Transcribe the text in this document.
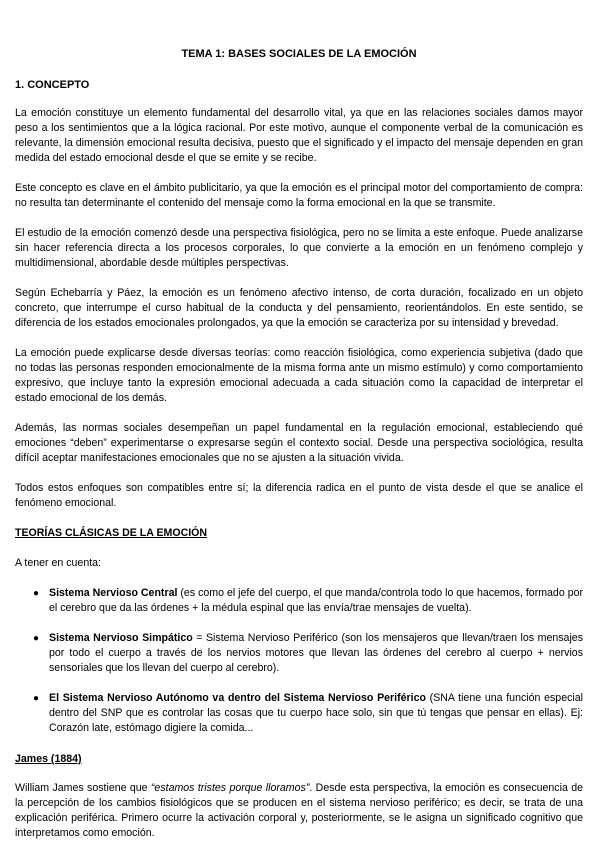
TEMA 1: BASES SOCIALES DE LA EMOCIÓN
1. CONCEPTO

La emoción constituye un elemento fundamental del desarrollo vital, ya que en las relaciones sociales damos mayor peso a los sentimientos que a la lógica racional. Por este motivo, aunque el componente verbal de la comunicación es relevante, la dimensión emocional resulta decisiva, puesto que el significado y el impacto del mensaje dependen en gran medida del estado emocional desde el que se emite y se recibe.

Este concepto es clave en el ámbito publicitario, ya que la emoción es el principal motor del comportamiento de compra: no resulta tan determinante el contenido del mensaje como la forma emocional en la que se transmite.

El estudio de la emoción comenzó desde una perspectiva fisiológica, pero no se limita a este enfoque. Puede analizarse sin hacer referencia directa a los procesos corporales, lo que convierte a la emoción en un fenómeno complejo y multidimensional, abordable desde múltiples perspectivas.

Según Echebarría y Páez, la emoción es un fenómeno afectivo intenso, de corta duración, focalizado en un objeto concreto, que interrumpe el curso habitual de la conducta y del pensamiento, reorientándolos. En este sentido, se diferencia de los estados emocionales prolongados, ya que la emoción se caracteriza por su intensidad y brevedad.

La emoción puede explicarse desde diversas teorías: como reacción fisiológica, como experiencia subjetiva (dado que no todas las personas responden emocionalmente de la misma forma ante un mismo estímulo) y como comportamiento expresivo, que incluye tanto la expresión emocional adecuada a cada situación como la capacidad de interpretar el estado emocional de los demás.

Además, las normas sociales desempeñan un papel fundamental en la regulación emocional, estableciendo qué emociones “deben” experimentarse o expresarse según el contexto social. Desde una perspectiva sociológica, resulta difícil aceptar manifestaciones emocionales que no se ajusten a la situación vivida.

Todos estos enfoques son compatibles entre sí; la diferencia radica en el punto de vista desde el que se analice el fenómeno emocional.

TEORÍAS CLÁSICAS DE LA EMOCIÓN

A tener en cuenta:

● Sistema Nervioso Central (es como el jefe del cuerpo, el que manda/controla todo lo que hacemos, formado por el cerebro que da las órdenes + la médula espinal que las envía/trae mensajes de vuelta).
● Sistema Nervioso Simpático = Sistema Nervioso Periférico (son los mensajeros que llevan/traen los mensajes por todo el cuerpo a través de los nervios motores que llevan las órdenes del cerebro al cuerpo + nervios sensoriales que los llevan del cuerpo al cerebro).
● El Sistema Nervioso Autónomo va dentro del Sistema Nervioso Periférico (SNA tiene una función especial dentro del SNP que es controlar las cosas que tu cuerpo hace solo, sin que tú tengas que pensar en ellas). Ej: Corazón late, estómago digiere la comida...
James (1884)

William James sostiene que “estamos tristes porque lloramos”. Desde esta perspectiva, la emoción es consecuencia de la percepción de los cambios fisiológicos que se producen en el sistema nervioso periférico; es decir, se trata de una explicación periférica. Primero ocurre la activación corporal y, posteriormente, se le asigna un significado cognitivo que interpretamos como emoción.
